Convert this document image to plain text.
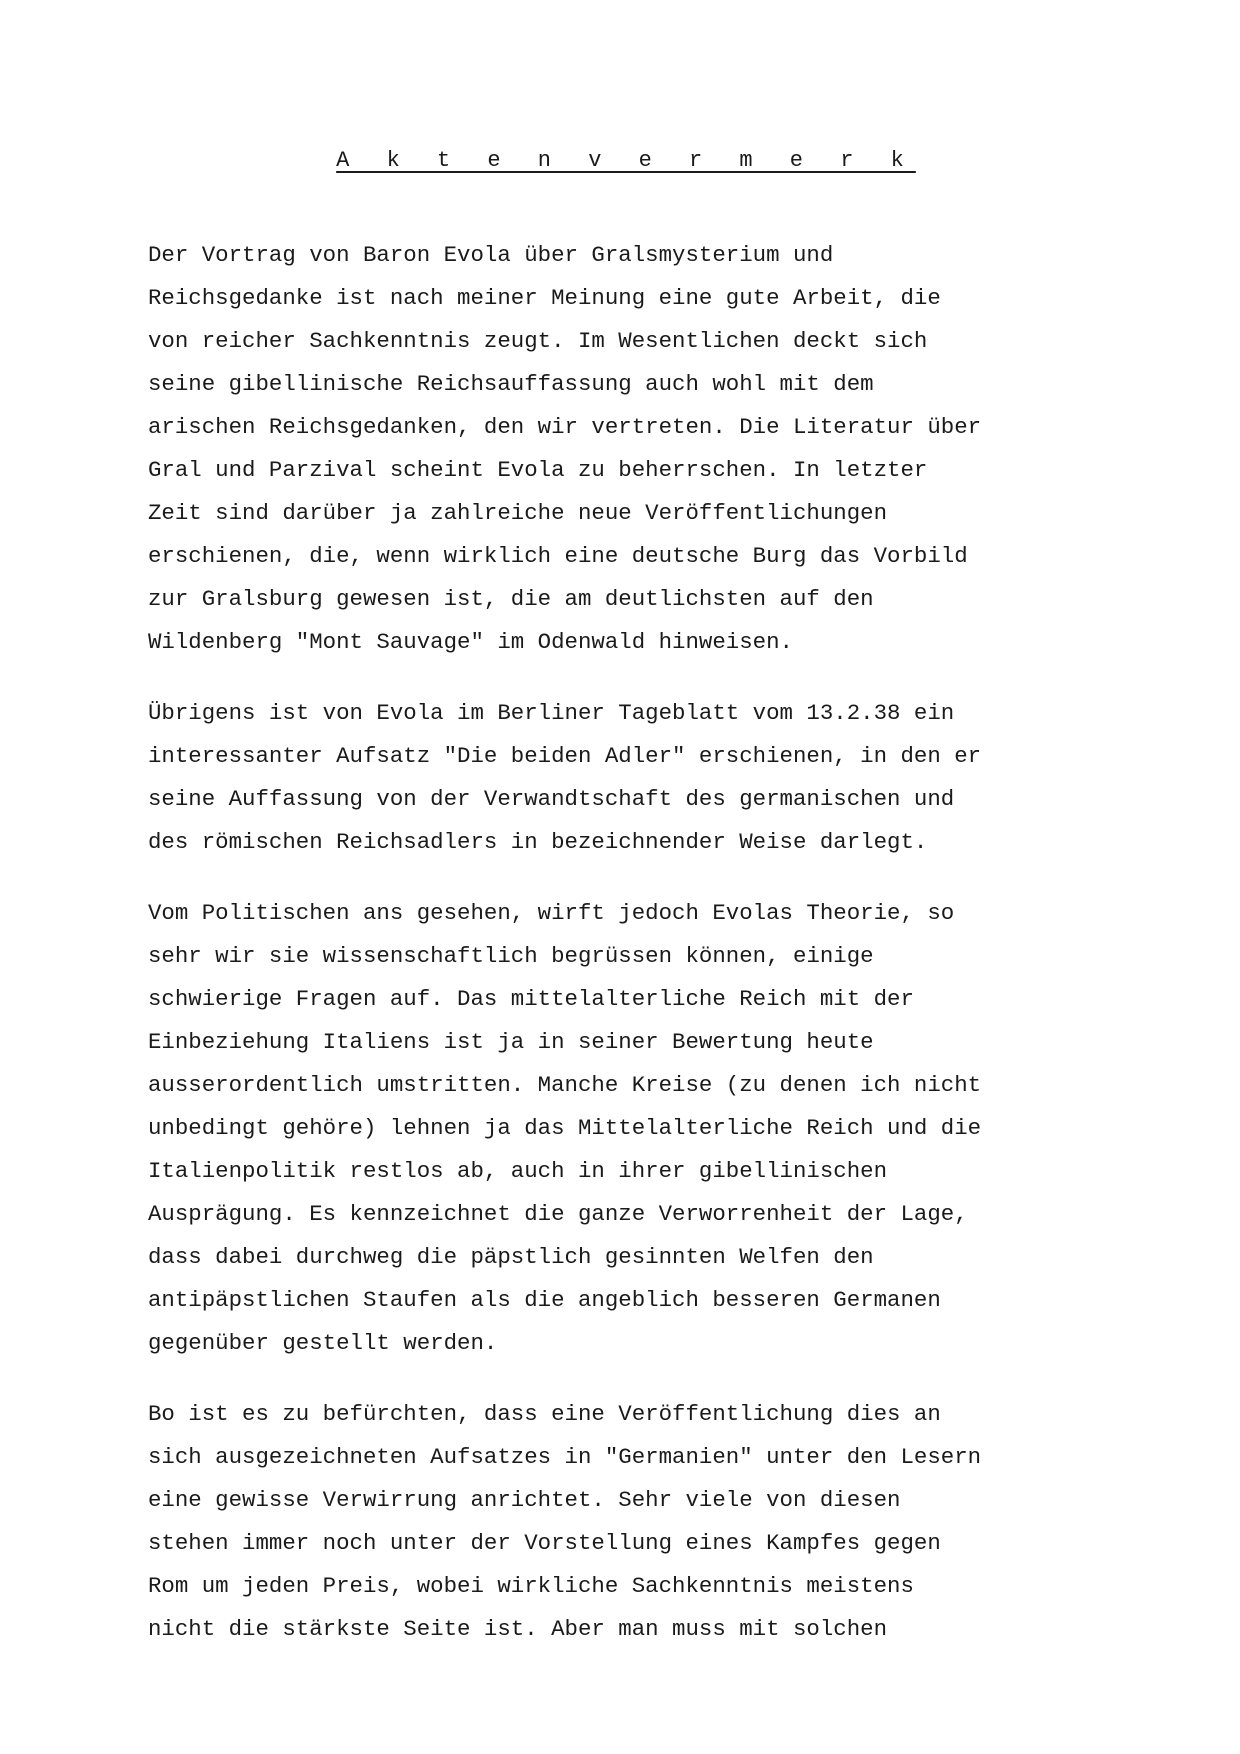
A k t e n v e r m e r k

Der Vortrag von Baron Evola über Gralsmysterium und
Reichsgedanke ist nach meiner Meinung eine gute Arbeit, die
von reicher Sachkenntnis zeugt. Im Wesentlichen deckt sich
seine gibellinische Reichsauffassung auch wohl mit dem
arischen Reichsgedanken, den wir vertreten. Die Literatur über
Gral und Parzival scheint Evola zu beherrschen. In letzter
Zeit sind darüber ja zahlreiche neue Veröffentlichungen
erschienen, die, wenn wirklich eine deutsche Burg das Vorbild
zur Gralsburg gewesen ist, die am deutlichsten auf den
Wildenberg "Mont Sauvage" im Odenwald hinweisen.

Übrigens ist von Evola im Berliner Tageblatt vom 13.2.38 ein
interessanter Aufsatz "Die beiden Adler" erschienen, in den er
seine Auffassung von der Verwandtschaft des germanischen und
des römischen Reichsadlers in bezeichnender Weise darlegt.

Vom Politischen ans gesehen, wirft jedoch Evolas Theorie, so
sehr wir sie wissenschaftlich begrüssen können, einige
schwierige Fragen auf. Das mittelalterliche Reich mit der
Einbeziehung Italiens ist ja in seiner Bewertung heute
ausserordentlich umstritten. Manche Kreise (zu denen ich nicht
unbedingt gehöre) lehnen ja das Mittelalterliche Reich und die
Italienpolitik restlos ab, auch in ihrer gibellinischen
Ausprägung. Es kennzeichnet die ganze Verworrenheit der Lage,
dass dabei durchweg die päpstlich gesinnten Welfen den
antipäpstlichen Staufen als die angeblich besseren Germanen
gegenüber gestellt werden.

Bo ist es zu befürchten, dass eine Veröffentlichung dies an
sich ausgezeichneten Aufsatzes in "Germanien" unter den Lesern
eine gewisse Verwirrung anrichtet. Sehr viele von diesen
stehen immer noch unter der Vorstellung eines Kampfes gegen
Rom um jeden Preis, wobei wirkliche Sachkenntnis meistens
nicht die stärkste Seite ist. Aber man muss mit solchen
